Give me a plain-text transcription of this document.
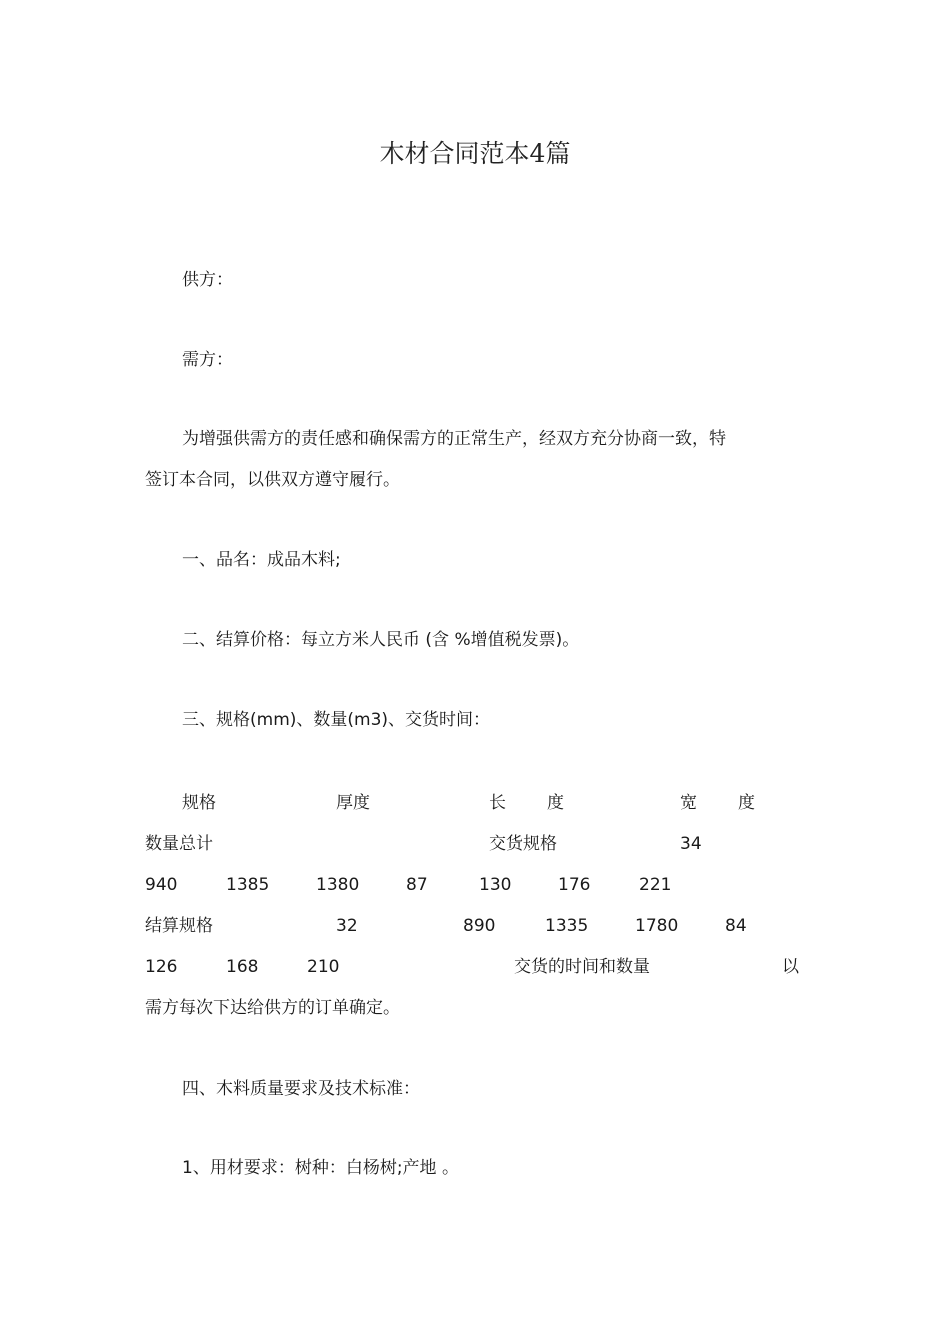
木材合同范本4篇
供方：
需方：
为增强供需方的责任感和确保需方的正常生产，经双方充分协商一致，特
签订本合同，以供双方遵守履行。
一、品名：成品木料;
二、结算价格：每立方米人民币 (含 %增值税发票)。
三、规格(mm)、数量(m3)、交货时间：
规格	厚度	长 度	宽 度
数量总计	交货规格	34
940	1385	1380	87	130	176	221
结算规格	32	890	1335	1780	84
126	168	210	交货的时间和数量	以
需方每次下达给供方的订单确定。
四、木料质量要求及技术标准：
1、用材要求：树种：白杨树;产地 。
